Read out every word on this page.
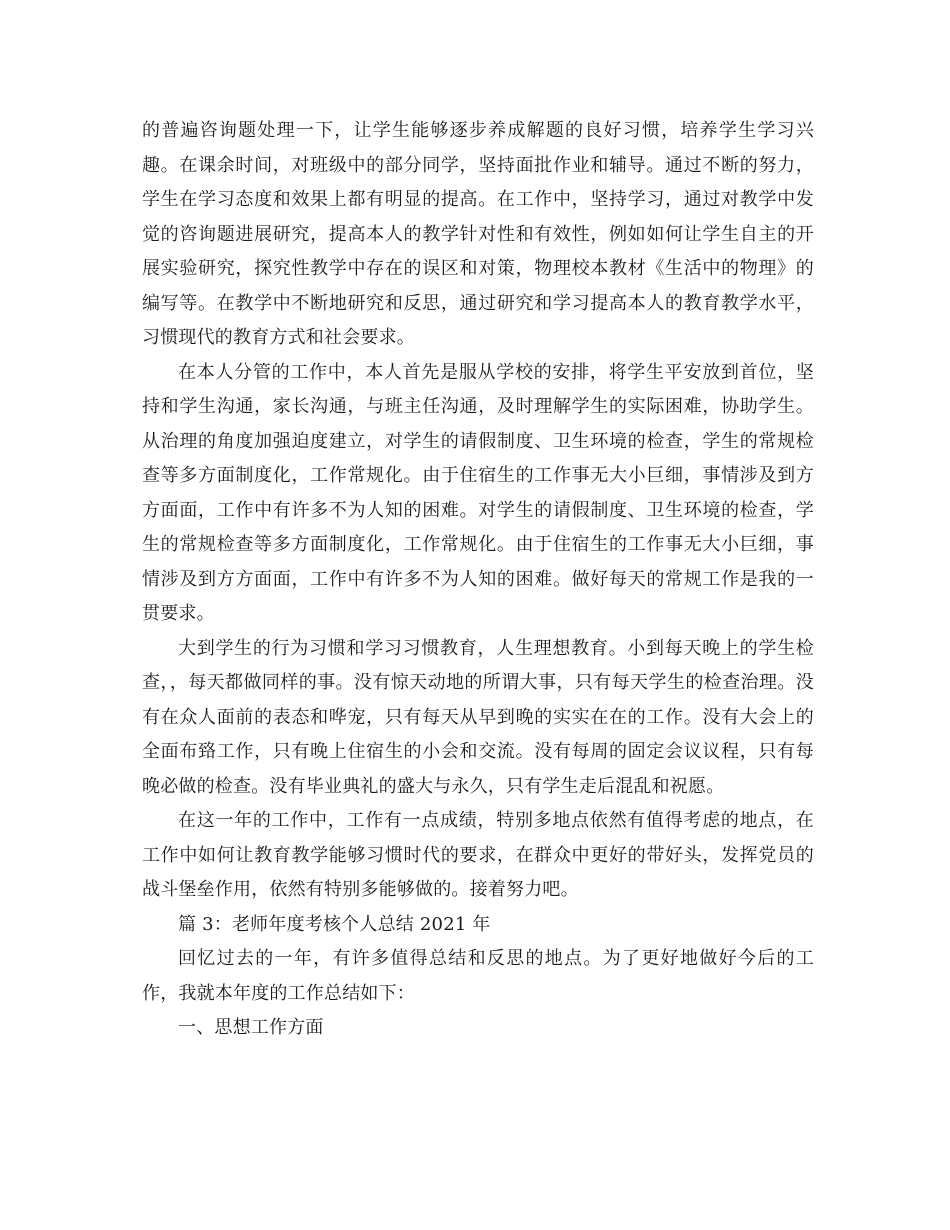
的普遍咨询题处理一下，让学生能够逐步养成解题的良好习惯，培养学生学习兴趣。在课余时间，对班级中的部分同学，坚持面批作业和辅导。通过不断的努力，学生在学习态度和效果上都有明显的提高。在工作中，坚持学习，通过对教学中发觉的咨询题进展研究，提高本人的教学针对性和有效性，例如如何让学生自主的开展实验研究，探究性教学中存在的误区和对策，物理校本教材《生活中的物理》的编写等。在教学中不断地研究和反思，通过研究和学习提高本人的教育教学水平，习惯现代的教育方式和社会要求。

在本人分管的工作中，本人首先是服从学校的安排，将学生平安放到首位，坚持和学生沟通，家长沟通，与班主任沟通，及时理解学生的实际困难，协助学生。从治理的角度加强迫度建立，对学生的请假制度、卫生环境的检查，学生的常规检查等多方面制度化，工作常规化。由于住宿生的工作事无大小巨细，事情涉及到方方面面，工作中有许多不为人知的困难。对学生的请假制度、卫生环境的检查，学生的常规检查等多方面制度化，工作常规化。由于住宿生的工作事无大小巨细，事情涉及到方方面面，工作中有许多不为人知的困难。做好每天的常规工作是我的一贯要求。

大到学生的行为习惯和学习习惯教育，人生理想教育。小到每天晚上的学生检查，，每天都做同样的事。没有惊天动地的所谓大事，只有每天学生的检查治理。没有在众人面前的表态和哗宠，只有每天从早到晚的实实在在的工作。没有大会上的全面布臵工作，只有晚上住宿生的小会和交流。没有每周的固定会议议程，只有每晚必做的检查。没有毕业典礼的盛大与永久，只有学生走后混乱和祝愿。

在这一年的工作中，工作有一点成绩，特别多地点依然有值得考虑的地点，在工作中如何让教育教学能够习惯时代的要求，在群众中更好的带好头，发挥党员的战斗堡垒作用，依然有特别多能够做的。接着努力吧。

篇 3：老师年度考核个人总结 2021 年

回忆过去的一年，有许多值得总结和反思的地点。为了更好地做好今后的工作，我就本年度的工作总结如下：

一、思想工作方面
